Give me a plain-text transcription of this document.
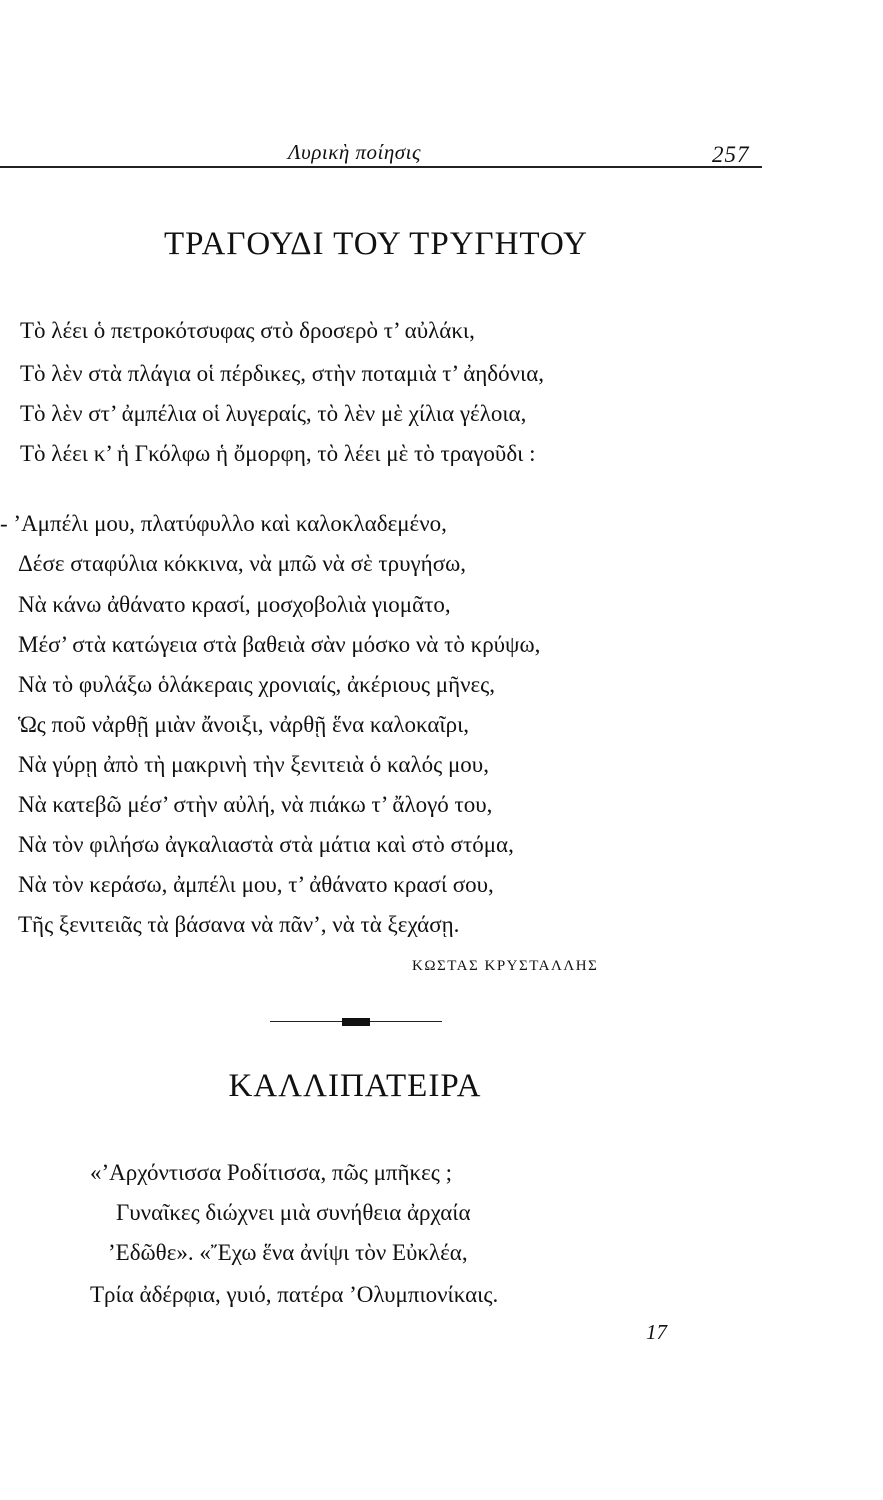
Λυρικὴ ποίησις	257
ΤΡΑΓΟΥΔΙ ΤΟΥ ΤΡΥΓΗΤΟΥ
Τὸ λέει ὁ πετροκότσυφας στὸ δροσερὸ τ’ αὐλάκι,
Τὸ λὲν στὰ πλάγια οἱ πέρδικες, στὴν ποταμιὰ τ’ ἀηδόνια,
Τὸ λὲν στ’ ἀμπέλια οἱ λυγεραίς, τὸ λὲν μὲ χίλια γέλοια,
Τὸ λέει κ’ ἡ Γκόλφω ἡ ὄμορφη, τὸ λέει μὲ τὸ τραγοῦδι :
- ’Αμπέλι μου, πλατύφυλλο καὶ καλοκλαδεμένο,
Δέσε σταφύλια κόκκινα, νὰ μπῶ νὰ σὲ τρυγήσω,
Νὰ κάνω ἀθάνατο κρασί, μοσχοβολιὰ γιομᾶτο,
Μέσ’ στὰ κατώγεια στὰ βαθειὰ σὰν μόσκο νὰ τὸ κρύψω,
Νὰ τὸ φυλάξω ὁλάκεραις χρονιαίς, ἀκέριους μῆνες,
Ὡς ποῦ νἀρθῇ μιὰν ἄνοιξι, νἀρθῇ ἕνα καλοκαῖρι,
Νὰ γύρῃ ἀπὸ τὴ μακρινὴ τὴν ξενιτειὰ ὁ καλός μου,
Νὰ κατεβῶ μέσ’ στὴν αὐλή, νὰ πιάκω τ’ ἄλογό του,
Νὰ τὸν φιλήσω ἀγκαλιαστὰ στὰ μάτια καὶ στὸ στόμα,
Νὰ τὸν κεράσω, ἀμπέλι μου, τ’ ἀθάνατο κρασί σου,
Τῆς ξενιτειᾶς τὰ βάσανα νὰ πᾶν’, νὰ τὰ ξεχάσῃ.
ΚΩΣΤΑΣ ΚΡΥΣΤΑΛΛΗΣ
ΚΑΛΛΙΠΑΤΕΙΡΑ
«’Αρχόντισσα Ροδίτισσα, πῶς μπῆκες ;
Γυναῖκες διώχνει μιὰ συνήθεια ἀρχαία
’Εδῶθε». «Ἔχω ἕνα ἀνίψι τὸν Εὐκλέα,
Τρία ἀδέρφια, γυιό, πατέρα ’Ολυμπιονίκαις.
17
